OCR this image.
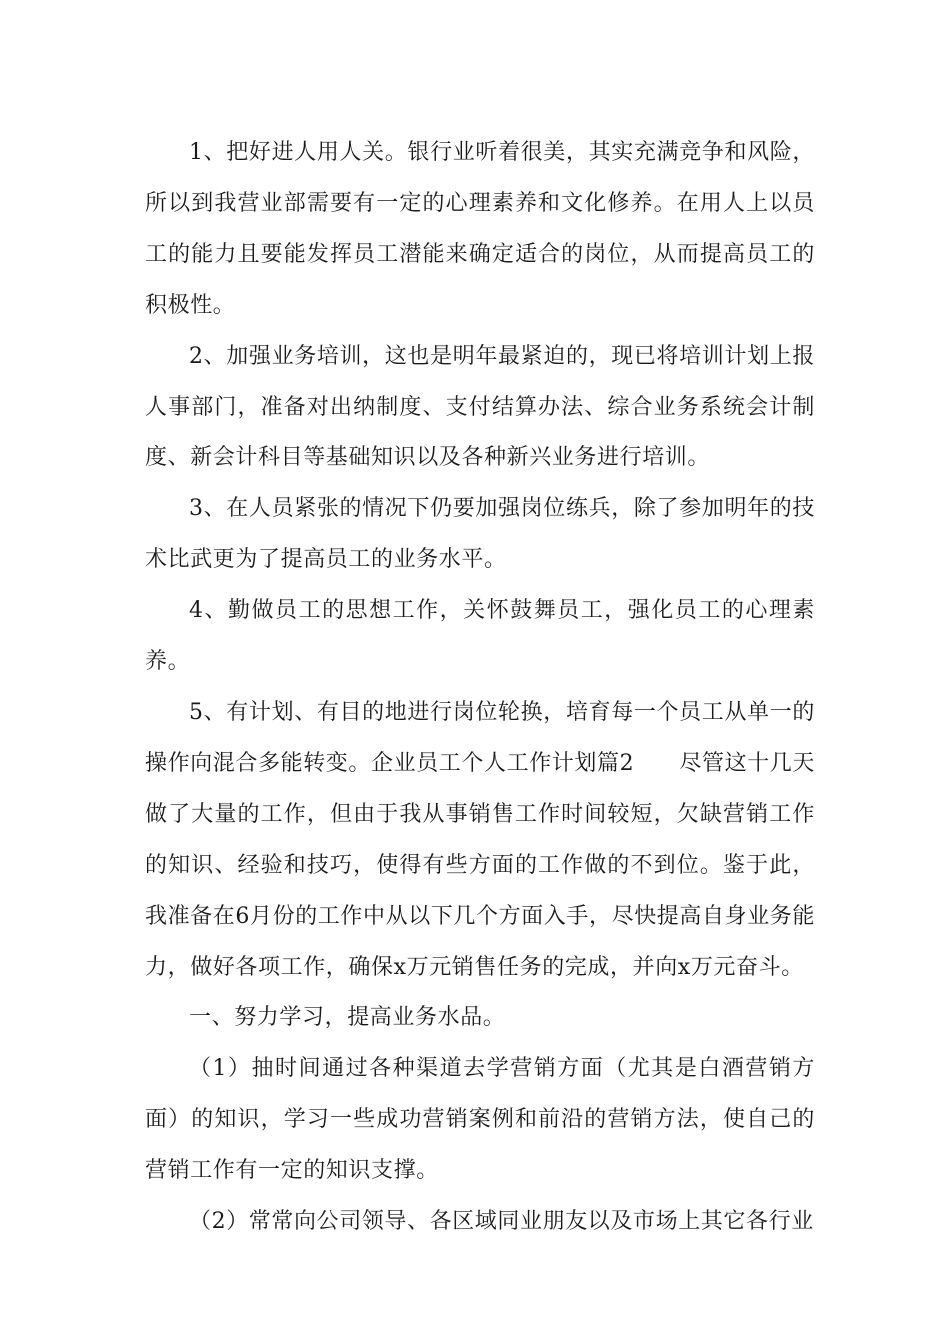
1、把好进人用人关。银行业听着很美，其实充满竞争和风险，所以到我营业部需要有一定的心理素养和文化修养。在用人上以员工的能力且要能发挥员工潜能来确定适合的岗位，从而提高员工的积极性。

2、加强业务培训，这也是明年最紧迫的，现已将培训计划上报人事部门，准备对出纳制度、支付结算办法、综合业务系统会计制度、新会计科目等基础知识以及各种新兴业务进行培训。

3、在人员紧张的情况下仍要加强岗位练兵，除了参加明年的技术比武更为了提高员工的业务水平。

4、勤做员工的思想工作，关怀鼓舞员工，强化员工的心理素养。

5、有计划、有目的地进行岗位轮换，培育每一个员工从单一的操作向混合多能转变。企业员工个人工作计划篇2　　尽管这十几天做了大量的工作，但由于我从事销售工作时间较短，欠缺营销工作的知识、经验和技巧，使得有些方面的工作做的不到位。鉴于此，我准备在6月份的工作中从以下几个方面入手，尽快提高自身业务能力，做好各项工作，确保x万元销售任务的完成，并向x万元奋斗。

一、努力学习，提高业务水品。

（1）抽时间通过各种渠道去学营销方面（尤其是白酒营销方面）的知识，学习一些成功营销案例和前沿的营销方法，使自己的营销工作有一定的知识支撑。

（2）常常向公司领导、各区域同业朋友以及市场上其它各行业
